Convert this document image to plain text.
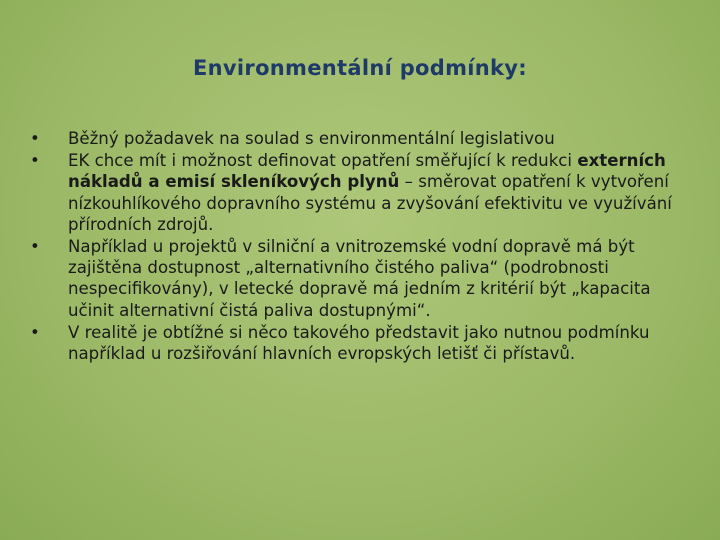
Environmentální podmínky:
•	Běžný požadavek na soulad s environmentální legislativou
•	EK chce mít i možnost definovat opatření směřující k redukci externích nákladů a emisí skleníkových plynů – směrovat opatření k vytvoření nízkouhlíkového dopravního systému a zvyšování efektivitu ve využívání přírodních zdrojů.
•	Například u projektů v silniční a vnitrozemské vodní dopravě má být zajištěna dostupnost „alternativního čistého paliva“ (podrobnosti nespecifikovány), v letecké dopravě má jedním z kritérií být „kapacita učinit alternativní čistá paliva dostupnými“.
•	V realitě je obtížné si něco takového představit jako nutnou podmínku například u rozšiřování hlavních evropských letišť či přístavů.
